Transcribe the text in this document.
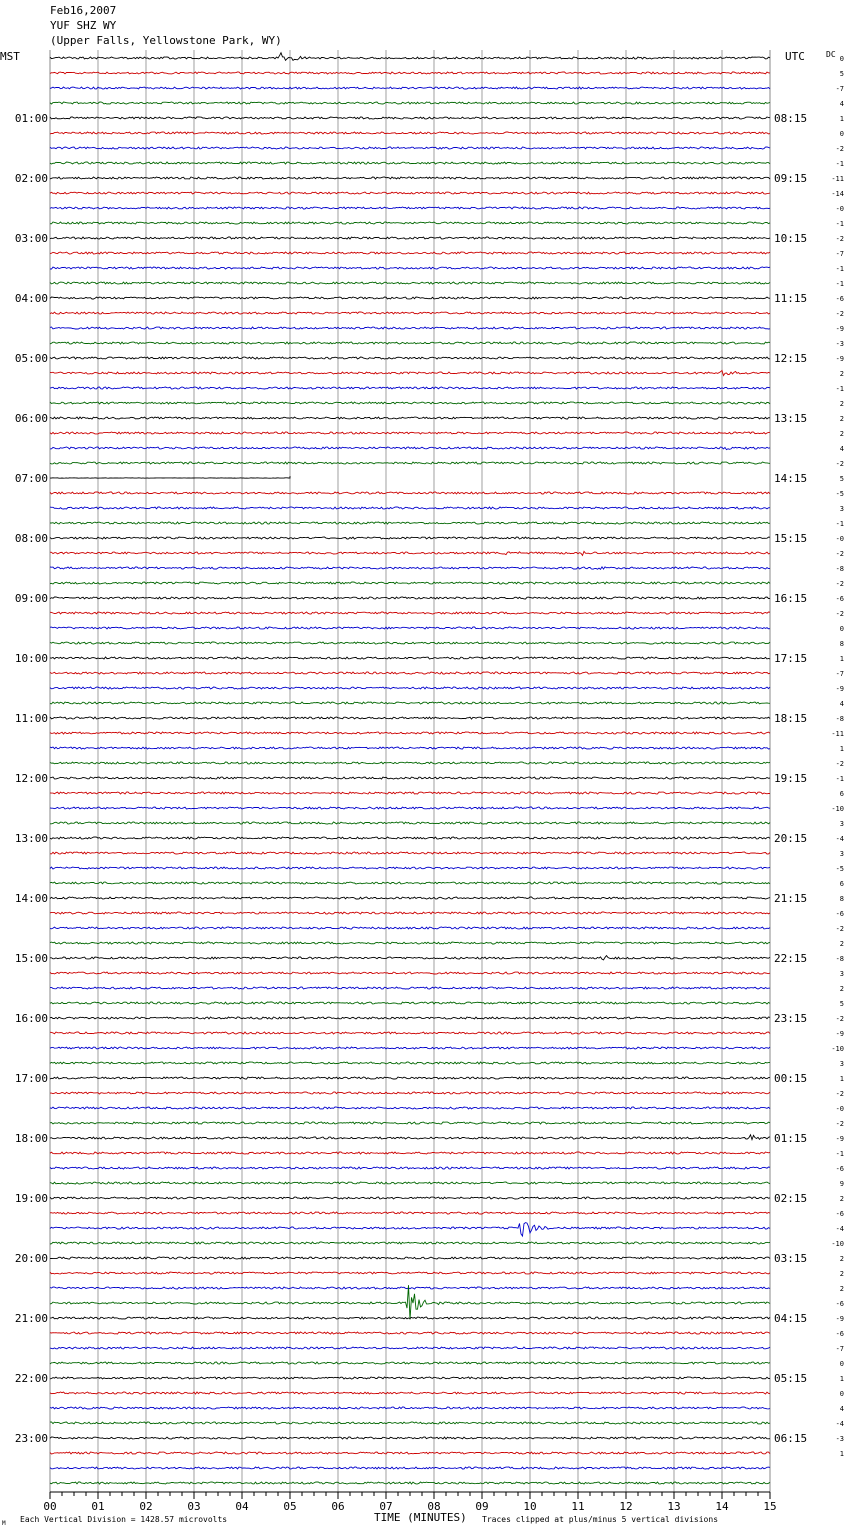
Feb16,2007
YUF SHZ WY
(Upper Falls, Yellowstone Park, WY)
MST	UTC	DC
00	01	02	03	04	05	06	07	08	09	10	11	12	13	14	15
0
5
-7
4
1
0
-2
-1
-11
-14
-0
-1
-2
-7
-1
-1
-6
-2
-9
-3
-9
2
-1
2
2
2
4
-2
5
-5
3
-1
-0
-2
-8
-2
-6
-2
0
8
1
-7
-9
4
-8
-11
1
-2
-1
6
-10
3
-4
3
-5
6
8
-6
-2
2
-8
3
2
5
-2
-9
-10
3
1
-2
-0
-2
-9
-1
-6
9
2
-6
-4
-10
2
2
2
-6
-9
-6
-7
0
1
0
4
-4
-3
1
01:00
02:00
03:00
04:00
05:00
06:00
07:00
08:00
09:00
10:00
11:00
12:00
13:00
14:00
15:00
16:00
17:00
18:00
19:00
20:00
21:00
22:00
23:00
08:15
09:15
10:15
11:15
12:15
13:15
14:15
15:15
16:15
17:15
18:15
19:15
20:15
21:15
22:15
23:15
00:15
01:15
02:15
03:15
04:15
05:15
06:15
M Each Vertical Division = 1428.57 microvolts	TIME (MINUTES) Traces clipped at plus/minus 5 vertical divisions
